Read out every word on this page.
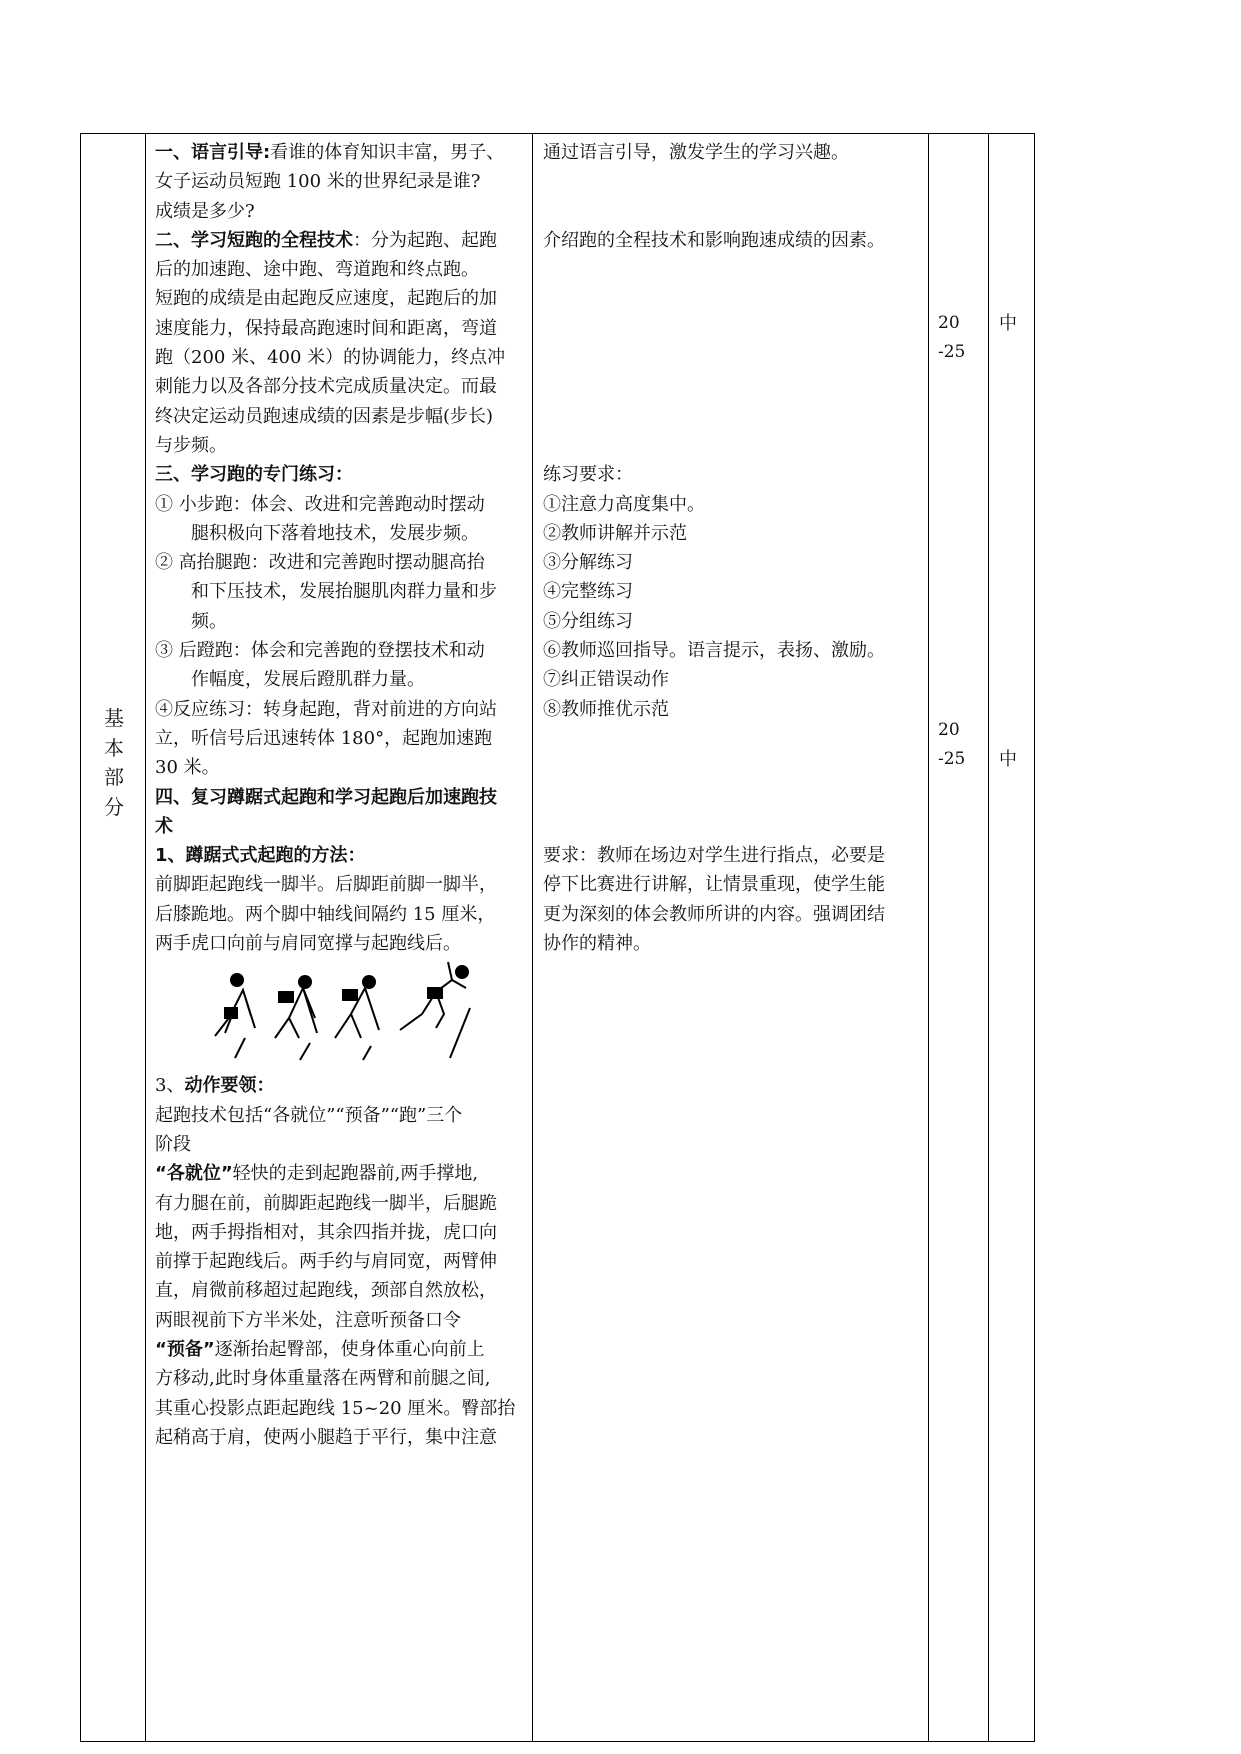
基
本
部
分
一、语言引导:看谁的体育知识丰富，男子、
女子运动员短跑 100 米的世界纪录是谁?
成绩是多少?
二、学习短跑的全程技术：分为起跑、起跑
后的加速跑、途中跑、弯道跑和终点跑。
短跑的成绩是由起跑反应速度，起跑后的加
速度能力，保持最高跑速时间和距离，弯道
跑（200 米、400 米）的协调能力，终点冲
刺能力以及各部分技术完成质量决定。而最
终决定运动员跑速成绩的因素是步幅(步长)
与步频。
三、学习跑的专门练习：
① 小步跑：体会、改进和完善跑动时摆动
腿积极向下落着地技术，发展步频。
② 高抬腿跑：改进和完善跑时摆动腿高抬
和下压技术，发展抬腿肌肉群力量和步
频。
③ 后蹬跑：体会和完善跑的登摆技术和动
作幅度，发展后蹬肌群力量。
④反应练习：转身起跑，背对前进的方向站
立，听信号后迅速转体 180°，起跑加速跑
30 米。
四、复习蹲踞式起跑和学习起跑后加速跑技
术
1、蹲踞式式起跑的方法：
前脚距起跑线一脚半。后脚距前脚一脚半，
后膝跪地。两个脚中轴线间隔约 15 厘米，
两手虎口向前与肩同宽撑与起跑线后。
3、动作要领：
起跑技术包括“各就位”“预备”“跑”三个
阶段
“各就位”轻快的走到起跑器前,两手撑地,
有力腿在前，前脚距起跑线一脚半，后腿跪
地，两手拇指相对，其余四指并拢，虎口向
前撑于起跑线后。两手约与肩同宽，两臂伸
直，肩微前移超过起跑线，颈部自然放松，
两眼视前下方半米处，注意听预备口令
“预备”逐渐抬起臀部，使身体重心向前上
方移动,此时身体重量落在两臂和前腿之间,
其重心投影点距起跑线 15~20 厘米。臀部抬
起稍高于肩，使两小腿趋于平行，集中注意
通过语言引导，激发学生的学习兴趣。
介绍跑的全程技术和影响跑速成绩的因素。
练习要求：
①注意力高度集中。
②教师讲解并示范
③分解练习
④完整练习
⑤分组练习
⑥教师巡回指导。语言提示，表扬、激励。
⑦纠正错误动作
⑧教师推优示范
要求：教师在场边对学生进行指点，必要是
停下比赛进行讲解，让情景重现，使学生能
更为深刻的体会教师所讲的内容。强调团结
协作的精神。
20
-25
中
20
-25 中
